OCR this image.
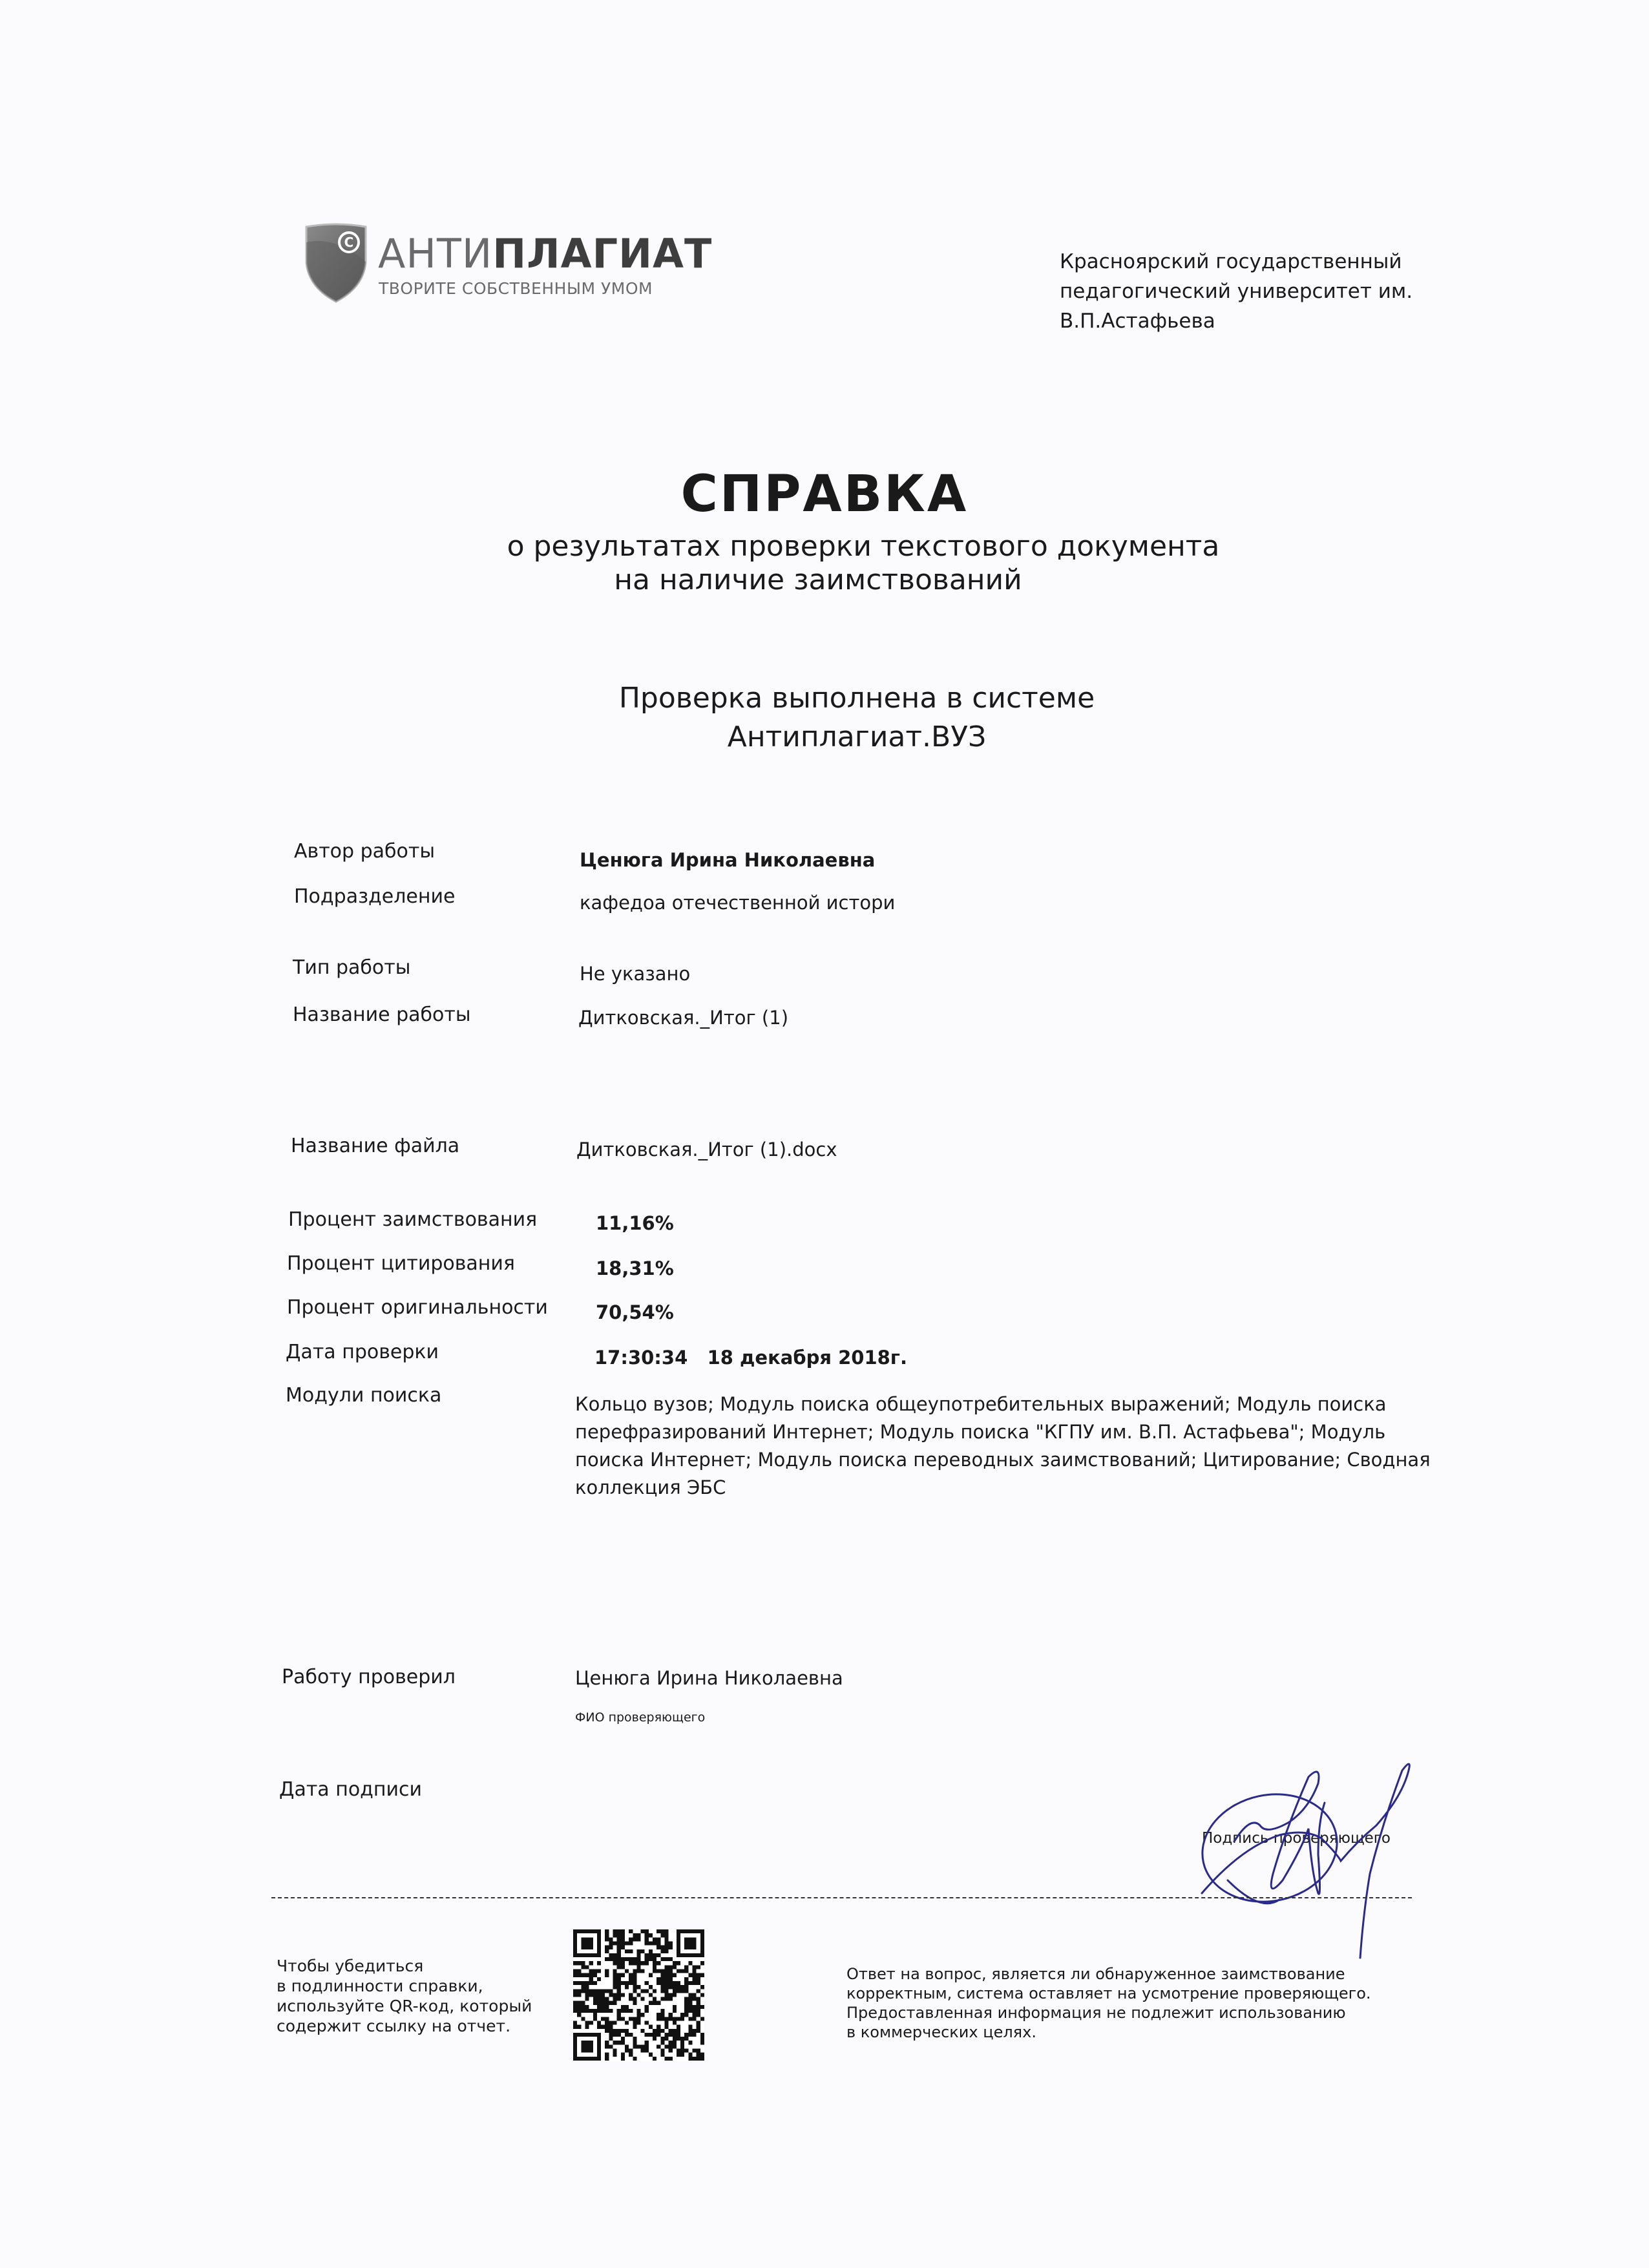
C АНТИПЛАГИАТ
ТВОРИТЕ СОБСТВЕННЫМ УМОМ
Красноярский государственный
педагогический университет им.
В.П.Астафьева
СПРАВКА
о результатах проверки текстового документа
на наличие заимствований
Проверка выполнена в системе
Антиплагиат.ВУЗ
Автор работы	Ценюга Ирина Николаевна
Подразделение	кафедоа отечественной истори
Тип работы	Не указано
Название работы	Дитковская._Итог (1)
Название файла	Дитковская._Итог (1).docx
Процент заимствования	11,16%
Процент цитирования	18,31%
Процент оригинальности	70,54%
Дата проверки	17:30:34 18 декабря 2018г.
Модули поиска	Кольцо вузов; Модуль поиска общеупотребительных выражений; Модуль поиска перефразирований Интернет; Модуль поиска "КГПУ им. В.П. Астафьева"; Модуль поиска Интернет; Модуль поиска переводных заимствований; Цитирование; Сводная коллекция ЭБС
Работу проверил	Ценюга Ирина Николаевна
ФИО проверяющего
Дата подписи
Подпись проверяющего
Чтобы убедиться
в подлинности справки,
используйте QR-код, который
содержит ссылку на отчет.
Ответ на вопрос, является ли обнаруженное заимствование
корректным, система оставляет на усмотрение проверяющего.
Предоставленная информация не подлежит использованию
в коммерческих целях.
